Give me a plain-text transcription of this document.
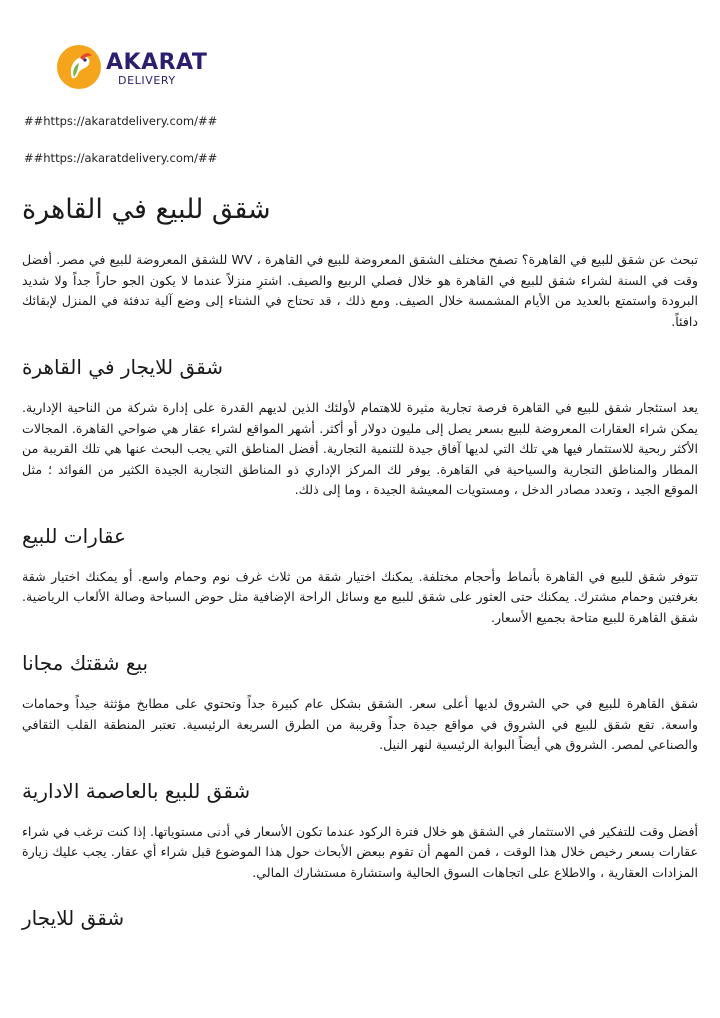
AKARAT
DELIVERY
##https://akaratdelivery.com/##
##https://akaratdelivery.com/##
شقق للبيع في القاهرة

تبحث عن شقق للبيع في القاهرة؟ تصفح مختلف الشقق المعروضة للبيع في القاهرة ، WV للشقق المعروضة للبيع في مصر. أفضل وقت في السنة لشراء شقق للبيع في القاهرة هو خلال فصلي الربيع والصيف. اشترِ منزلاً عندما لا يكون الجو حاراً جداً ولا شديد البرودة واستمتع بالعديد من الأيام المشمسة خلال الصيف. ومع ذلك ، قد تحتاج في الشتاء إلى وضع آلية تدفئة في المنزل لإبقائك دافئاً.

شقق للايجار في القاهرة

يعد استئجار شقق للبيع في القاهرة فرصة تجارية مثيرة للاهتمام لأولئك الذين لديهم القدرة على إدارة شركة من الناحية الإدارية. يمكن شراء العقارات المعروضة للبيع بسعر يصل إلى مليون دولار أو أكثر. أشهر المواقع لشراء عقار هي ضواحي القاهرة. المجالات الأكثر ربحية للاستثمار فيها هي تلك التي لديها آفاق جيدة للتنمية التجارية. أفضل المناطق التي يجب البحث عنها هي تلك القريبة من المطار والمناطق التجارية والسياحية في القاهرة. يوفر لك المركز الإداري ذو المناطق التجارية الجيدة الكثير من الفوائد ؛ مثل الموقع الجيد ، وتعدد مصادر الدخل ، ومستويات المعيشة الجيدة ، وما إلى ذلك.

عقارات للبيع

تتوفر شقق للبيع في القاهرة بأنماط وأحجام مختلفة. يمكنك اختيار شقة من ثلاث غرف نوم وحمام واسع. أو يمكنك اختيار شقة بغرفتين وحمام مشترك. يمكنك حتى العثور على شقق للبيع مع وسائل الراحة الإضافية مثل حوض السباحة وصالة الألعاب الرياضية. شقق القاهرة للبيع متاحة بجميع الأسعار.

بيع شقتك مجانا

شقق القاهرة للبيع في حي الشروق لديها أعلى سعر. الشقق بشكل عام كبيرة جداً وتحتوي على مطابخ مؤثثة جيداً وحمامات واسعة. تقع شقق للبيع في الشروق في مواقع جيدة جداً وقريبة من الطرق السريعة الرئيسية. تعتبر المنطقة القلب الثقافي والصناعي لمصر. الشروق هي أيضاً البوابة الرئيسية لنهر النيل.

شقق للبيع بالعاصمة الادارية

أفضل وقت للتفكير في الاستثمار في الشقق هو خلال فترة الركود عندما تكون الأسعار في أدنى مستوياتها. إذا كنت ترغب في شراء عقارات بسعر رخيص خلال هذا الوقت ، فمن المهم أن تقوم ببعض الأبحاث حول هذا الموضوع قبل شراء أي عقار. يجب عليك زيارة المزادات العقارية ، والاطلاع على اتجاهات السوق الحالية واستشارة مستشارك المالي.

شقق للايجار
